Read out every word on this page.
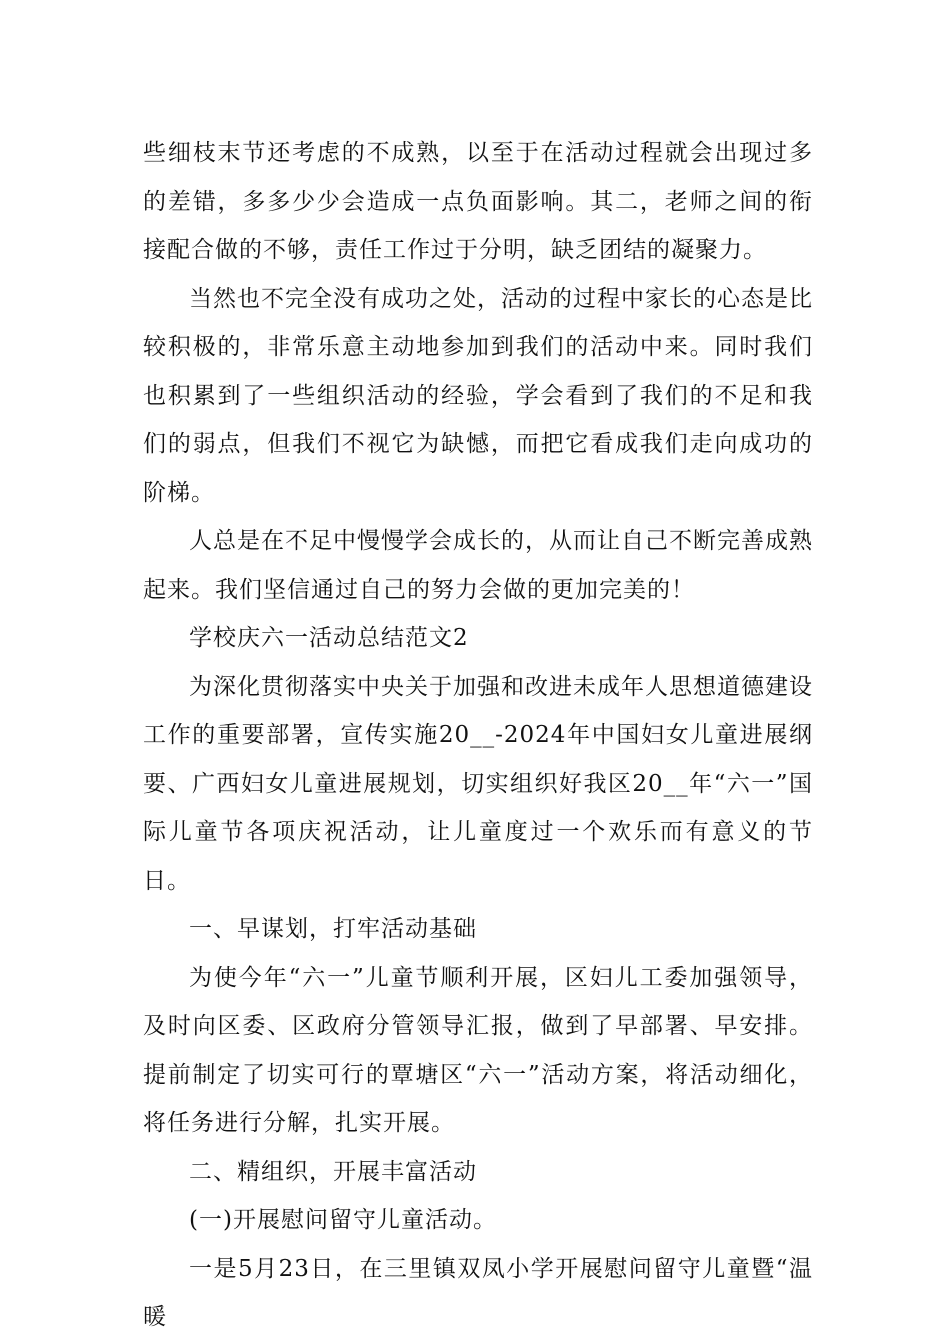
些细枝末节还考虑的不成熟，以至于在活动过程就会出现过多的差错，多多少少会造成一点负面影响。其二，老师之间的衔接配合做的不够，责任工作过于分明，缺乏团结的凝聚力。

当然也不完全没有成功之处，活动的过程中家长的心态是比较积极的，非常乐意主动地参加到我们的活动中来。同时我们也积累到了一些组织活动的经验，学会看到了我们的不足和我们的弱点，但我们不视它为缺憾，而把它看成我们走向成功的阶梯。

人总是在不足中慢慢学会成长的，从而让自己不断完善成熟起来。我们坚信通过自己的努力会做的更加完美的！

学校庆六一活动总结范文2

为深化贯彻落实中央关于加强和改进未成年人思想道德建设工作的重要部署，宣传实施20__-2024年中国妇女儿童进展纲要、广西妇女儿童进展规划，切实组织好我区20__年“六一”国际儿童节各项庆祝活动，让儿童度过一个欢乐而有意义的节日。

一、早谋划，打牢活动基础

为使今年“六一”儿童节顺利开展，区妇儿工委加强领导，及时向区委、区政府分管领导汇报，做到了早部署、早安排。提前制定了切实可行的覃塘区“六一”活动方案，将活动细化，将任务进行分解，扎实开展。

二、精组织，开展丰富活动

(一)开展慰问留守儿童活动。

一是5月23日，在三里镇双凤小学开展慰问留守儿童暨“温暖
